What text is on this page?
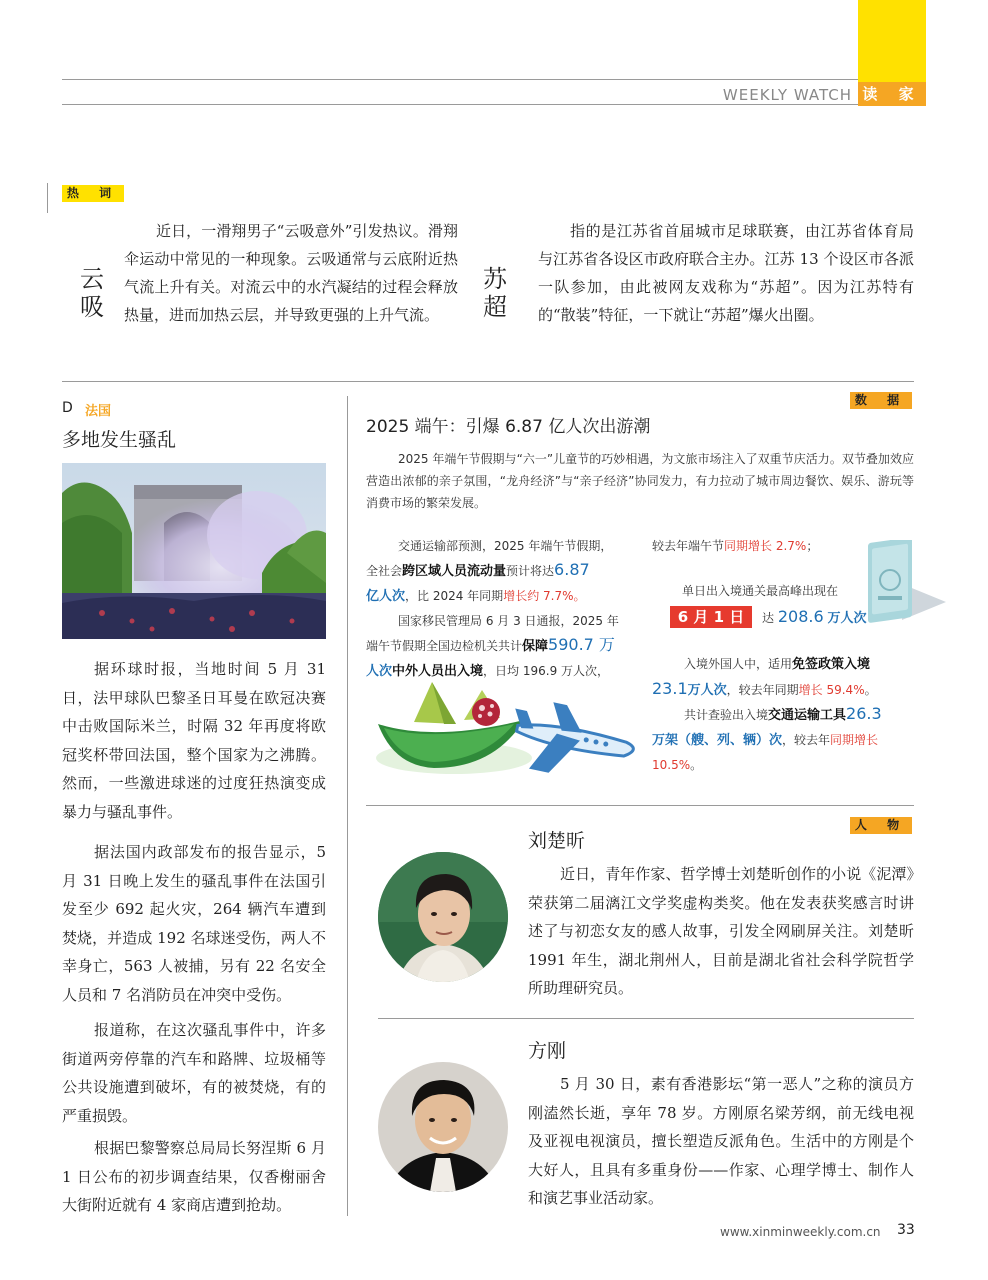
WEEKLY WATCH 读 家
热 词
云吸
近日，一滑翔男子“云吸意外”引发热议。滑翔伞运动中常见的一种现象。云吸通常与云底附近热气流上升有关。对流云中的水汽凝结的过程会释放热量，进而加热云层，并导致更强的上升气流。
苏超
指的是江苏省首届城市足球联赛，由江苏省体育局与江苏省各设区市政府联合主办。江苏 13 个设区市各派一队参加，由此被网友戏称为“苏超”。因为江苏特有的“散装”特征，一下就让“苏超”爆火出圈。
D 法国
多地发生骚乱
据环球时报，当地时间 5 月 31 日，法甲球队巴黎圣日耳曼在欧冠决赛中击败国际米兰，时隔 32 年再度将欧冠奖杯带回法国，整个国家为之沸腾。然而，一些激进球迷的过度狂热演变成暴力与骚乱事件。
据法国内政部发布的报告显示，5 月 31 日晚上发生的骚乱事件在法国引发至少 692 起火灾，264 辆汽车遭到焚烧，并造成 192 名球迷受伤，两人不幸身亡，563 人被捕，另有 22 名安全人员和 7 名消防员在冲突中受伤。
报道称，在这次骚乱事件中，许多街道两旁停靠的汽车和路牌、垃圾桶等公共设施遭到破坏，有的被焚烧，有的严重损毁。
根据巴黎警察总局局长努涅斯 6 月 1 日公布的初步调查结果，仅香榭丽舍大街附近就有 4 家商店遭到抢劫。
数 据
2025 端午：引爆 6.87 亿人次出游潮
2025 年端午节假期与“六一”儿童节的巧妙相遇，为文旅市场注入了双重节庆活力。双节叠加效应营造出浓郁的亲子氛围，“龙舟经济”与“亲子经济”协同发力，有力拉动了城市周边餐饮、娱乐、游玩等消费市场的繁荣发展。
交通运输部预测，2025 年端午节假期，
全社会跨区域人员流动量预计将达6.87
亿人次，比 2024 年同期增长约 7.7%。
国家移民管理局 6 月 3 日通报，2025 年
端午节假期全国边检机关共计保障590.7 万
人次中外人员出入境，日均 196.9 万人次，
较去年端午节同期增长 2.7%；
单日出入境通关最高峰出现在
6 月 1 日	达 208.6 万人次
入境外国人中，适用免签政策入境
23.1万人次，较去年同期增长 59.4%。
共计查验出入境交通运输工具26.3
万架（艘、列、辆）次，较去年同期增长
10.5%。
人 物
刘楚昕
近日，青年作家、哲学博士刘楚昕创作的小说《泥潭》荣获第二届漓江文学奖虚构类奖。他在发表获奖感言时讲述了与初恋女友的感人故事，引发全网刷屏关注。刘楚昕 1991 年生，湖北荆州人，目前是湖北省社会科学院哲学所助理研究员。
方刚
5 月 30 日，素有香港影坛“第一恶人”之称的演员方刚溘然长逝，享年 78 岁。方刚原名梁芳纲，前无线电视及亚视电视演员，擅长塑造反派角色。生活中的方刚是个大好人，且具有多重身份——作家、心理学博士、制作人和演艺事业活动家。
www.xinminweekly.com.cn 33
